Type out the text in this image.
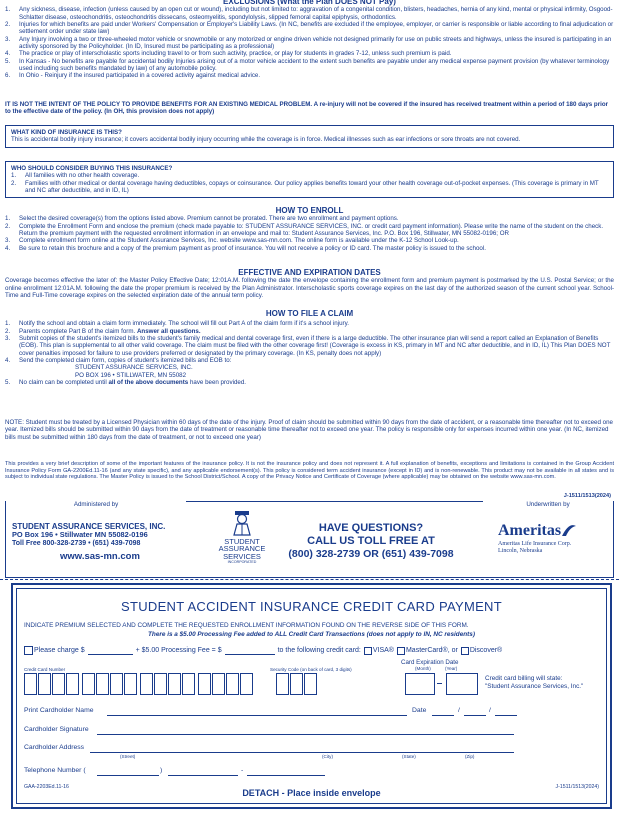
EXCLUSIONS (What the Plan DOES NOT Pay)
1. Any sickness, disease, infection (unless caused by an open cut or wound), including but not limited to: aggravation of a congenital condition, blisters, headaches, hernia of any kind, mental or physical infirmity, Osgood-Schlatter disease, osteochondritis, osteochondritis dissecans, osteomyelitis, spondylolysis, slipped femoral capital epiphysis, orthodontics.
2. Injuries for which benefits are paid under Workers' Compensation or Employer's Liability Laws. (In NC, benefits are excluded if the employee, employer, or carrier is responsible or liable according to final adjudication or settlement order under state law)
3. Any Injury involving a two or three-wheeled motor vehicle or snowmobile or any motorized or engine driven vehicle not designed primarily for use on public streets and highways, unless the insured is participating in an activity sponsored by the Policyholder. (In ID, Insured must be participating as a professional)
4. The practice or play of interscholastic sports including travel to or from such activity, practice, or play for students in grades 7-12, unless such premium is paid.
5. In Kansas - No benefits are payable for accidental bodily Injuries arising out of a motor vehicle accident to the extent such benefits are payable under any medical expense payment provision (by whatever terminology used including such benefits mandated by law) of any automobile policy.
6. In Ohio - Reinjury if the insured participated in a covered activity against medical advice.
IT IS NOT THE INTENT OF THE POLICY TO PROVIDE BENEFITS FOR AN EXISTING MEDICAL PROBLEM. A re-injury will not be covered if the insured has received treatment within a period of 180 days prior to the effective date of the policy. (In OH, this provision does not apply)
WHAT KIND OF INSURANCE IS THIS?
This is accidental bodily injury insurance; it covers accidental bodily injury occurring while the coverage is in force. Medical illnesses such as ear infections or sore throats are not covered.
WHO SHOULD CONSIDER BUYING THIS INSURANCE?
1. All families with no other health coverage.
2. Families with other medical or dental coverage having deductibles, copays or coinsurance. Our policy applies benefits toward your other health coverage out-of-pocket expenses. (This coverage is primary in MT and NC after deductible, and in ID, IL)
HOW TO ENROLL
1. Select the desired coverage(s) from the options listed above. Premium cannot be prorated. There are two enrollment and payment options.
2. Complete the Enrollment Form and enclose the premium (check made payable to: STUDENT ASSURANCE SERVICES, INC. or credit card payment information). Please write the name of the student on the check. Return the premium payment with the requested enrollment information in an envelope and mail to: Student Assurance Services, Inc. P.O. Box 196, Stillwater, MN 55082-0196; OR
3. Complete enrollment form online at the Student Assurance Services, Inc. website www.sas-mn.com. The online form is available under the K-12 School Look-up.
4. Be sure to retain this brochure and a copy of the premium payment as proof of insurance. You will not receive a policy or ID card. The master policy is issued to the school.
EFFECTIVE AND EXPIRATION DATES
Coverage becomes effective the later of: the Master Policy Effective Date; 12:01A.M. following the date the envelope containing the enrollment form and premium payment is postmarked by the U.S. Postal Service; or the online enrollment 12:01A.M. following the date the proper premium is received by the Plan Administrator. Interscholastic sports coverage expires on the last day of the authorized season of the current school year. School-Time and Full-Time coverage expires on the selected expiration date of the annual term policy.
HOW TO FILE A CLAIM
1. Notify the school and obtain a claim form immediately. The school will fill out Part A of the claim form if it's a school injury.
2. Parents complete Part B of the claim form. Answer all questions.
3. Submit copies of the student's itemized bills to the student's family medical and dental coverage first, even if there is a large deductible. The other insurance plan will send a report called an Explanation of Benefits (EOB). This plan is supplemental to all other valid coverage. The claim must be filed with the other coverage first! (Coverage is excess in KS, primary in MT and NC after deductible, and in ID, IL) This Plan DOES NOT cover penalties imposed for failure to use providers preferred or designated by the primary coverage. (In KS, penalty does not apply)
4. Send the completed claim form, copies of student's itemized bills and EOB to:
STUDENT ASSURANCE SERVICES, INC.
PO BOX 196 • STILLWATER, MN 55082
5. No claim can be completed until all of the above documents have been provided.
NOTE: Student must be treated by a Licensed Physician within 60 days of the date of the injury. Proof of claim should be submitted within 90 days from the date of accident, or a reasonable time thereafter not to exceed one year. Itemized bills should be submitted within 90 days from the date of treatment or reasonable time thereafter not to exceed one year. The policy is responsible only for expenses incurred within one year. (In NC, itemized bills must be submitted within 180 days from the date of treatment, or not to exceed one year)
This provides a very brief description of some of the important features of the insurance policy. It is not the insurance policy and does not represent it. A full explanation of benefits, exceptions and limitations is contained in the Group Accident Insurance Policy Form GA-2200Ed.11-16 (and any state specific), and any applicable endorsement(s). This policy is considered term accident insurance (except in ID) and is non-renewable. This product may not be available in all states and is subject to individual state regulations. The Master Policy is issued to the School District/School. A copy of the Privacy Notice and Certificate of Coverage (where applicable) may be obtained on the website www.sas-mn.com.
J-1511/1513(2024)
Administered by
STUDENT ASSURANCE SERVICES, INC.
PO Box 196 • Stillwater MN 55082-0196
Toll Free 800-328-2739 • (651) 439-7098
www.sas-mn.com
STUDENT
ASSURANCE
SERVICES
INCORPORATED
HAVE QUESTIONS?
CALL US TOLL FREE AT
(800) 328-2739 OR (651) 439-7098
Underwritten by
Ameritas
Ameritas Life Insurance Corp.
Lincoln, Nebraska
STUDENT ACCIDENT INSURANCE CREDIT CARD PAYMENT
INDICATE PREMIUM SELECTED AND COMPLETE THE REQUESTED ENROLLMENT INFORMATION FOUND ON THE REVERSE SIDE OF THIS FORM.
There is a $5.00 Processing Fee added to ALL Credit Card Transactions (does not apply to IN, NC residents)
Please charge $	+ $5.00 Processing Fee = $	to the following credit card: VISA® MasterCard®, or Discover®
Credit Card Number	Security Code (on back of card, 3 digits)
Card Expiration Date
(Month)	(Year)
Credit card billing will state:
"Student Assurance Services, Inc."
Print Cardholder Name	Date	/	/
Cardholder Signature
Cardholder Address
(Street)	(City)	(State)	(Zip)
Telephone Number (	)	-
GAA-2203Ed.11-16
DETACH - Place inside envelope
J-1511/1513(2024)
